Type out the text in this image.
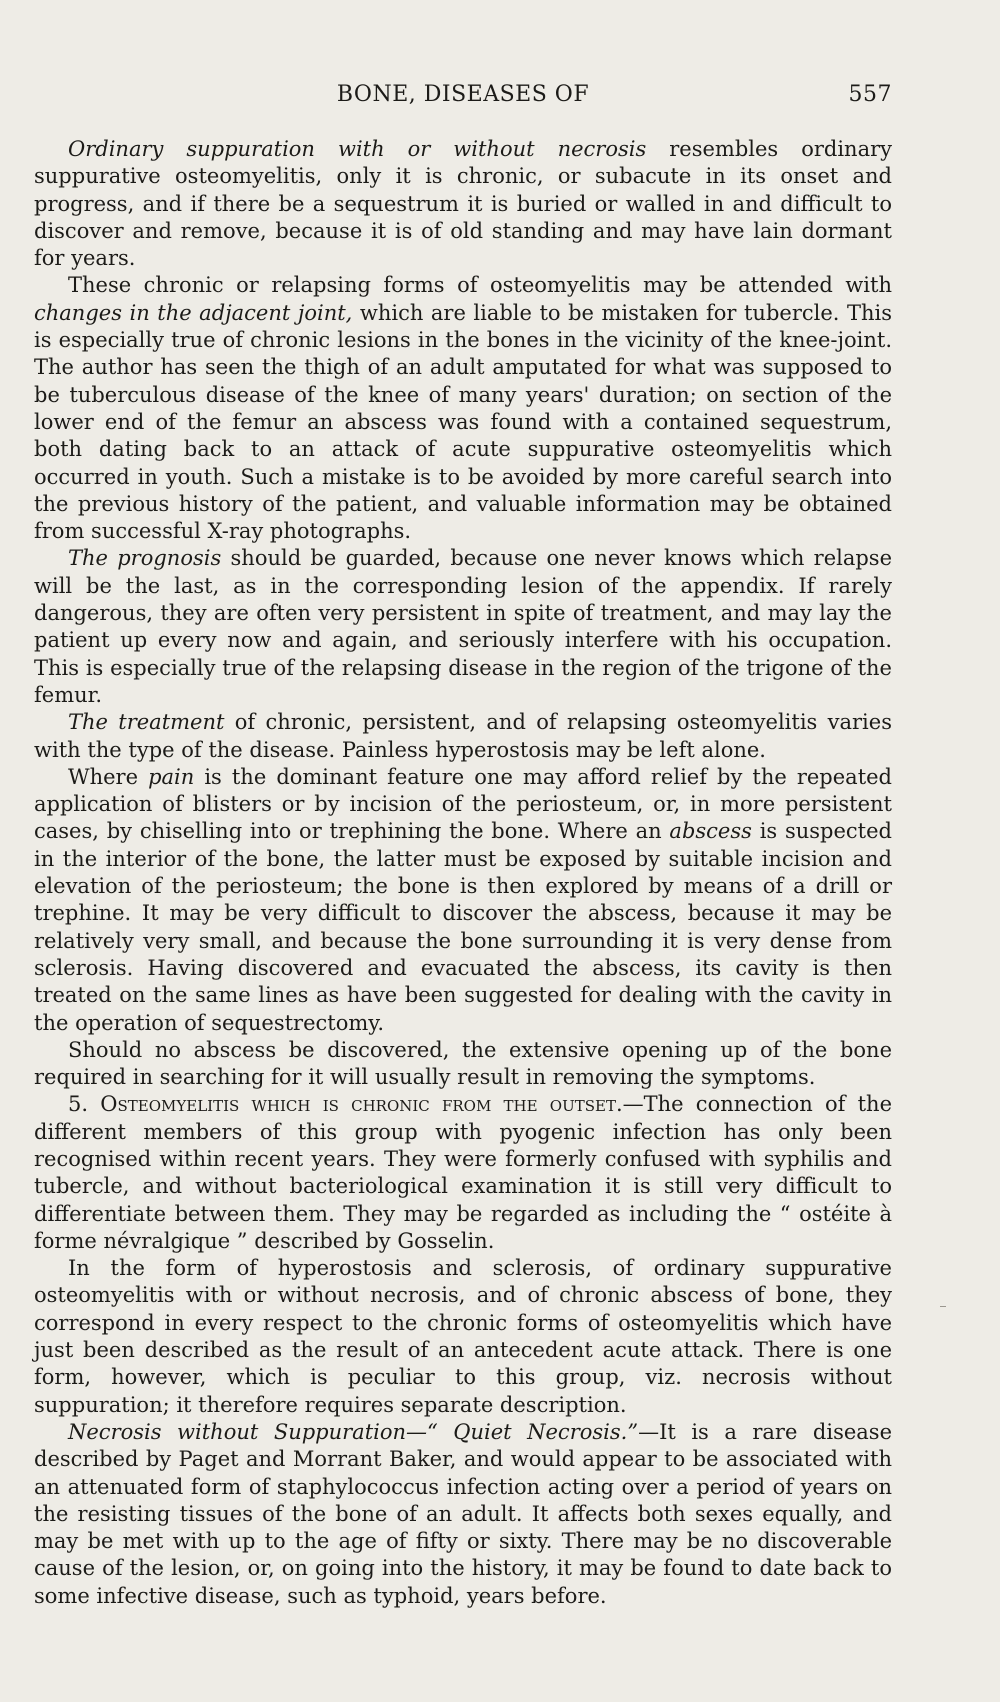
BONE, DISEASES OF	557

Ordinary suppuration with or without necrosis resembles ordinary suppurative osteomyelitis, only it is chronic, or subacute in its onset and progress, and if there be a sequestrum it is buried or walled in and difficult to discover and remove, because it is of old standing and may have lain dormant for years.

These chronic or relapsing forms of osteomyelitis may be attended with changes in the adjacent joint, which are liable to be mistaken for tubercle. This is especially true of chronic lesions in the bones in the vicinity of the knee-joint. The author has seen the thigh of an adult amputated for what was supposed to be tuberculous disease of the knee of many years' duration; on section of the lower end of the femur an abscess was found with a contained sequestrum, both dating back to an attack of acute suppurative osteomyelitis which occurred in youth. Such a mistake is to be avoided by more careful search into the previous history of the patient, and valuable information may be obtained from successful X-ray photographs.

The prognosis should be guarded, because one never knows which relapse will be the last, as in the corresponding lesion of the appendix. If rarely dangerous, they are often very persistent in spite of treatment, and may lay the patient up every now and again, and seriously interfere with his occupation. This is especially true of the relapsing disease in the region of the trigone of the femur.

The treatment of chronic, persistent, and of relapsing osteomyelitis varies with the type of the disease. Painless hyperostosis may be left alone.

Where pain is the dominant feature one may afford relief by the repeated application of blisters or by incision of the periosteum, or, in more persistent cases, by chiselling into or trephining the bone. Where an abscess is suspected in the interior of the bone, the latter must be exposed by suitable incision and elevation of the periosteum; the bone is then explored by means of a drill or trephine. It may be very difficult to discover the abscess, because it may be relatively very small, and because the bone surrounding it is very dense from sclerosis. Having discovered and evacuated the abscess, its cavity is then treated on the same lines as have been suggested for dealing with the cavity in the operation of sequestrectomy.

Should no abscess be discovered, the extensive opening up of the bone required in searching for it will usually result in removing the symptoms.

5. Osteomyelitis which is chronic from the outset.—The connection of the different members of this group with pyogenic infection has only been recognised within recent years. They were formerly confused with syphilis and tubercle, and without bacteriological examination it is still very difficult to differentiate between them. They may be regarded as including the “ ostéite à forme névralgique ” described by Gosselin.

In the form of hyperostosis and sclerosis, of ordinary suppurative osteomyelitis with or without necrosis, and of chronic abscess of bone, they correspond in every respect to the chronic forms of osteomyelitis which have just been described as the result of an antecedent acute attack. There is one form, however, which is peculiar to this group, viz. necrosis without suppuration; it therefore requires separate description.

Necrosis without Suppuration—“ Quiet Necrosis.”—It is a rare disease described by Paget and Morrant Baker, and would appear to be associated with an attenuated form of staphylococcus infection acting over a period of years on the resisting tissues of the bone of an adult. It affects both sexes equally, and may be met with up to the age of fifty or sixty. There may be no discoverable cause of the lesion, or, on going into the history, it may be found to date back to some infective disease, such as typhoid, years before.
